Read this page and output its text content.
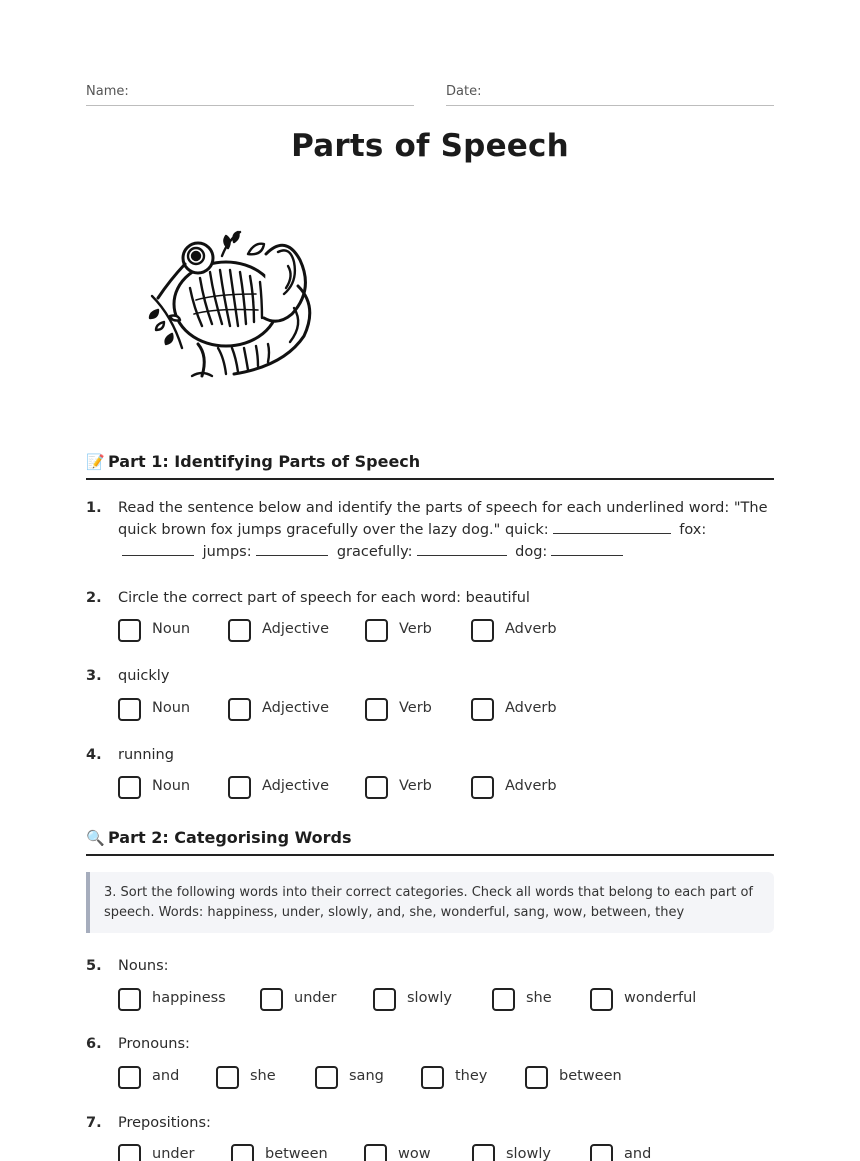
Name:	Date:
Parts of Speech
📝 Part 1: Identifying Parts of Speech
1.	Read the sentence below and identify the parts of speech for each underlined word: "The quick brown fox jumps gracefully over the lazy dog." quick:	fox: jumps:	gracefully:	dog:
2.	Circle the correct part of speech for each word: beautiful
Noun	Adjective	Verb	Adverb
3.	quickly
Noun	Adjective	Verb	Adverb
4.	running
Noun	Adjective	Verb	Adverb
🔍 Part 2: Categorising Words
3. Sort the following words into their correct categories. Check all words that belong to each part of speech. Words: happiness, under, slowly, and, she, wonderful, sang, wow, between, they
5.	Nouns:
happiness	under	slowly	she	wonderful
6.	Pronouns:
and	she	sang	they	between
7.	Prepositions:
under	between	wow	slowly	and
